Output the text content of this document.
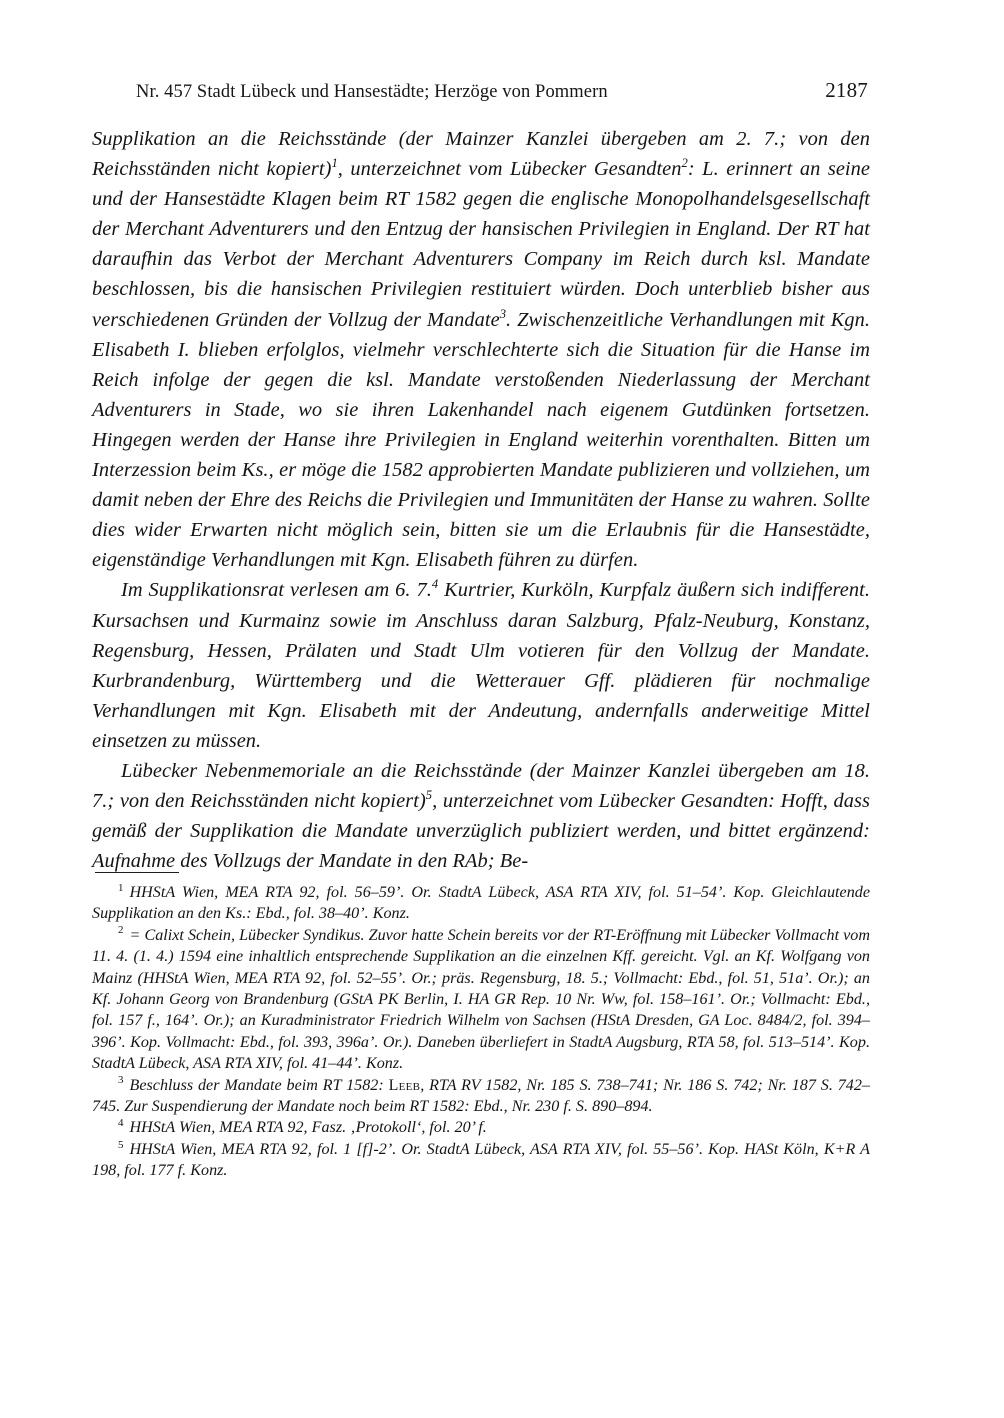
Nr. 457 Stadt Lübeck und Hansestädte; Herzöge von Pommern	2187

Supplikation an die Reichsstände (der Mainzer Kanzlei übergeben am 2. 7.; von den Reichsständen nicht kopiert)$^1$, unterzeichnet vom Lübecker Gesandten$^2$: L. erinnert an seine und der Hansestädte Klagen beim RT 1582 gegen die englische Monopolhandelsgesellschaft der Merchant Adventurers und den Entzug der hansischen Privilegien in England. Der RT hat daraufhin das Verbot der Merchant Adventurers Company im Reich durch ksl. Mandate beschlossen, bis die hansischen Privilegien restituiert würden. Doch unterblieb bisher aus verschiedenen Gründen der Vollzug der Mandate$^3$. Zwischenzeitliche Verhandlungen mit Kgn. Elisabeth I. blieben erfolglos, vielmehr verschlechterte sich die Situation für die Hanse im Reich infolge der gegen die ksl. Mandate verstoßenden Niederlassung der Merchant Adventurers in Stade, wo sie ihren Lakenhandel nach eigenem Gutdünken fortsetzen. Hingegen werden der Hanse ihre Privilegien in England weiterhin vorenthalten. Bitten um Interzession beim Ks., er möge die 1582 approbierten Mandate publizieren und vollziehen, um damit neben der Ehre des Reichs die Privilegien und Immunitäten der Hanse zu wahren. Sollte dies wider Erwarten nicht möglich sein, bitten sie um die Erlaubnis für die Hansestädte, eigenständige Verhandlungen mit Kgn. Elisabeth führen zu dürfen.

Im Supplikationsrat verlesen am 6. 7.$^4$ Kurtrier, Kurköln, Kurpfalz äußern sich indifferent. Kursachsen und Kurmainz sowie im Anschluss daran Salzburg, Pfalz-Neuburg, Konstanz, Regensburg, Hessen, Prälaten und Stadt Ulm votieren für den Vollzug der Mandate. Kurbrandenburg, Württemberg und die Wetterauer Gff. plädieren für nochmalige Verhandlungen mit Kgn. Elisabeth mit der Andeutung, andernfalls anderweitige Mittel einsetzen zu müssen.

Lübecker Nebenmemoriale an die Reichsstände (der Mainzer Kanzlei übergeben am 18. 7.; von den Reichsständen nicht kopiert)$^5$, unterzeichnet vom Lübecker Gesandten: Hofft, dass gemäß der Supplikation die Mandate unverzüglich publiziert werden, und bittet ergänzend: Aufnahme des Vollzugs der Mandate in den RAb; Be-

$^1$ HHStA Wien, MEA RTA 92, fol. 56–59’. Or. StadtA Lübeck, ASA RTA XIV, fol. 51–54’. Kop. Gleichlautende Supplikation an den Ks.: Ebd., fol. 38–40’. Konz.

$^2$ = Calixt Schein, Lübecker Syndikus. Zuvor hatte Schein bereits vor der RT-Eröffnung mit Lübecker Vollmacht vom 11. 4. (1. 4.) 1594 eine inhaltlich entsprechende Supplikation an die einzelnen Kff. gereicht. Vgl. an Kf. Wolfgang von Mainz (HHStA Wien, MEA RTA 92, fol. 52–55’. Or.; präs. Regensburg, 18. 5.; Vollmacht: Ebd., fol. 51, 51a’. Or.); an Kf. Johann Georg von Brandenburg (GStA PK Berlin, I. HA GR Rep. 10 Nr. Ww, fol. 158–161’. Or.; Vollmacht: Ebd., fol. 157 f., 164’. Or.); an Kuradministrator Friedrich Wilhelm von Sachsen (HStA Dresden, GA Loc. 8484/2, fol. 394–396’. Kop. Vollmacht: Ebd., fol. 393, 396a’. Or.). Daneben überliefert in StadtA Augsburg, RTA 58, fol. 513–514’. Kop. StadtA Lübeck, ASA RTA XIV, fol. 41–44’. Konz.

$^3$ Beschluss der Mandate beim RT 1582: Leeb, RTA RV 1582, Nr. 185 S. 738–741; Nr. 186 S. 742; Nr. 187 S. 742–745. Zur Suspendierung der Mandate noch beim RT 1582: Ebd., Nr. 230 f. S. 890–894.

$^4$ HHStA Wien, MEA RTA 92, Fasz. ‚Protokoll‘, fol. 20’ f.

$^5$ HHStA Wien, MEA RTA 92, fol. 1 [f]-2’. Or. StadtA Lübeck, ASA RTA XIV, fol. 55–56’. Kop. HASt Köln, K+R A 198, fol. 177 f. Konz.
